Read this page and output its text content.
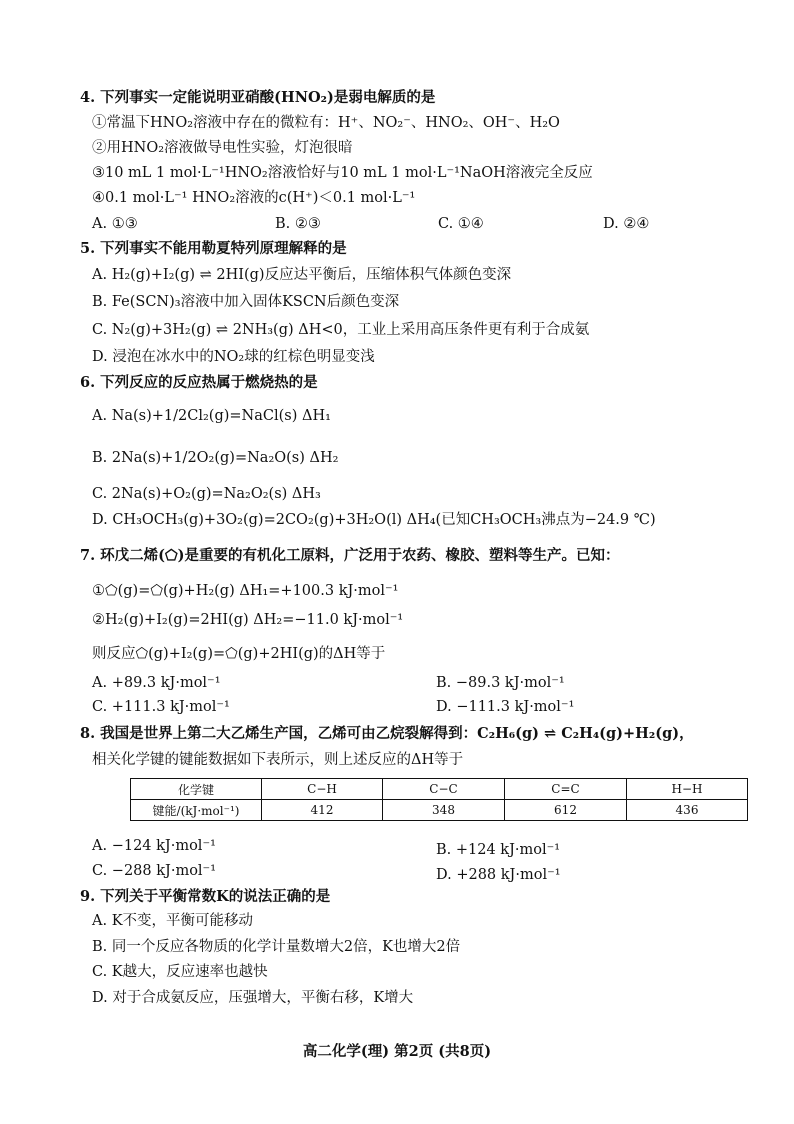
4. 下列事实一定能说明亚硝酸(HNO₂)是弱电解质的是
①常温下HNO₂溶液中存在的微粒有：H⁺、NO₂⁻、HNO₂、OH⁻、H₂O
②用HNO₂溶液做导电性实验，灯泡很暗
③10 mL 1 mol·L⁻¹HNO₂溶液恰好与10 mL 1 mol·L⁻¹NaOH溶液完全反应
④0.1 mol·L⁻¹ HNO₂溶液的c(H⁺)＜0.1 mol·L⁻¹
A. ①③	B. ②③	C. ①④	D. ②④
5. 下列事实不能用勒夏特列原理解释的是
A. H₂(g)+I₂(g) ⇌ 2HI(g)反应达平衡后，压缩体积气体颜色变深
B. Fe(SCN)₃溶液中加入固体KSCN后颜色变深
C. N₂(g)+3H₂(g) ⇌ 2NH₃(g) ΔH<0，工业上采用高压条件更有利于合成氨
D. 浸泡在冰水中的NO₂球的红棕色明显变浅
6. 下列反应的反应热属于燃烧热的是
A. Na(s)+1/2Cl₂(g)=NaCl(s) ΔH₁
B. 2Na(s)+1/2O₂(g)=Na₂O(s) ΔH₂
C. 2Na(s)+O₂(g)=Na₂O₂(s) ΔH₃
D. CH₃OCH₃(g)+3O₂(g)=2CO₂(g)+3H₂O(l) ΔH₄(已知CH₃OCH₃沸点为−24.9 ℃)
7. 环戊二烯(⬠)是重要的有机化工原料，广泛用于农药、橡胶、塑料等生产。已知：
①⬠(g)=⬠(g)+H₂(g) ΔH₁=+100.3 kJ·mol⁻¹
②H₂(g)+I₂(g)=2HI(g) ΔH₂=−11.0 kJ·mol⁻¹
则反应⬠(g)+I₂(g)=⬠(g)+2HI(g)的ΔH等于
A. +89.3 kJ·mol⁻¹	B. −89.3 kJ·mol⁻¹
C. +111.3 kJ·mol⁻¹	D. −111.3 kJ·mol⁻¹
8. 我国是世界上第二大乙烯生产国，乙烯可由乙烷裂解得到：C₂H₆(g) ⇌ C₂H₄(g)+H₂(g)，
相关化学键的键能数据如下表所示，则上述反应的ΔH等于
化学键	C−H	C−C	C=C	H−H
键能/(kJ·mol⁻¹)	412	348	612	436
A. −124 kJ·mol⁻¹	B. +124 kJ·mol⁻¹
C. −288 kJ·mol⁻¹	D. +288 kJ·mol⁻¹
9. 下列关于平衡常数K的说法正确的是
A. K不变，平衡可能移动
B. 同一个反应各物质的化学计量数增大2倍，K也增大2倍
C. K越大，反应速率也越快
D. 对于合成氨反应，压强增大，平衡右移，K增大
高二化学(理) 第2页 (共8页)
